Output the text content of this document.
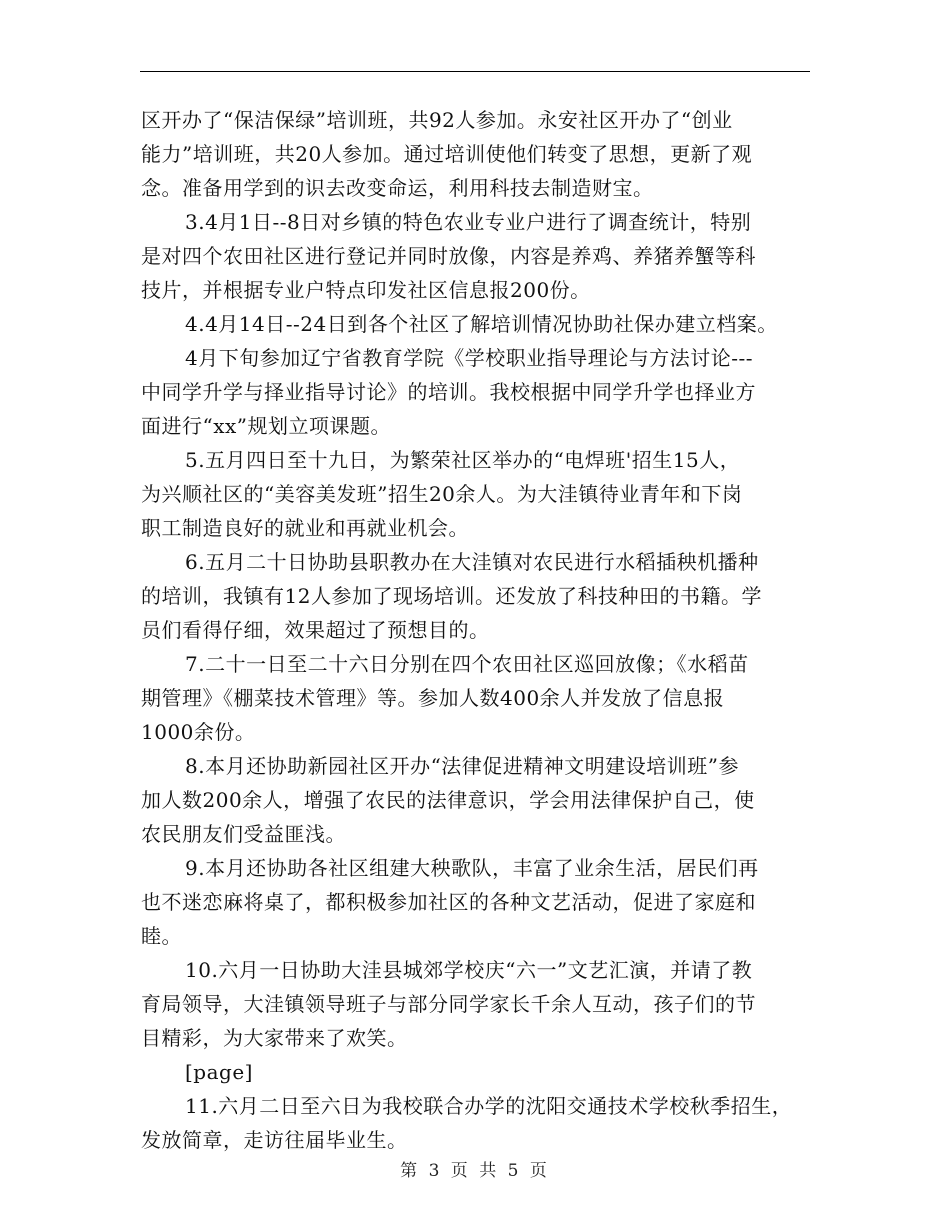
区开办了“保洁保绿”培训班，共92人参加。永安社区开办了“创业
能力”培训班，共20人参加。通过培训使他们转变了思想，更新了观
念。准备用学到的识去改变命运，利用科技去制造财宝。

3.4月1日--8日对乡镇的特色农业专业户进行了调查统计，特别
是对四个农田社区进行登记并同时放像，内容是养鸡、养猪养蟹等科
技片，并根据专业户特点印发社区信息报200份。

4.4月14日--24日到各个社区了解培训情况协助社保办建立档案。

4月下旬参加辽宁省教育学院《学校职业指导理论与方法讨论---
中同学升学与择业指导讨论》的培训。我校根据中同学升学也择业方
面进行“xx”规划立项课题。

5.五月四日至十九日，为繁荣社区举办的“电焊班'招生15人，
为兴顺社区的“美容美发班”招生20余人。为大洼镇待业青年和下岗
职工制造良好的就业和再就业机会。

6.五月二十日协助县职教办在大洼镇对农民进行水稻插秧机播种
的培训，我镇有12人参加了现场培训。还发放了科技种田的书籍。学
员们看得仔细，效果超过了预想目的。

7.二十一日至二十六日分别在四个农田社区巡回放像；《水稻苗
期管理》《棚菜技术管理》等。参加人数400余人并发放了信息报
1000余份。

8.本月还协助新园社区开办“法律促进精神文明建设培训班”参
加人数200余人，增强了农民的法律意识，学会用法律保护自己，使
农民朋友们受益匪浅。

9.本月还协助各社区组建大秧歌队，丰富了业余生活，居民们再
也不迷恋麻将桌了，都积极参加社区的各种文艺活动，促进了家庭和
睦。

10.六月一日协助大洼县城郊学校庆“六一”文艺汇演，并请了教
育局领导，大洼镇领导班子与部分同学家长千余人互动，孩子们的节
目精彩，为大家带来了欢笑。

[page]

11.六月二日至六日为我校联合办学的沈阳交通技术学校秋季招生，
发放简章，走访往届毕业生。

第 3 页 共 5 页
